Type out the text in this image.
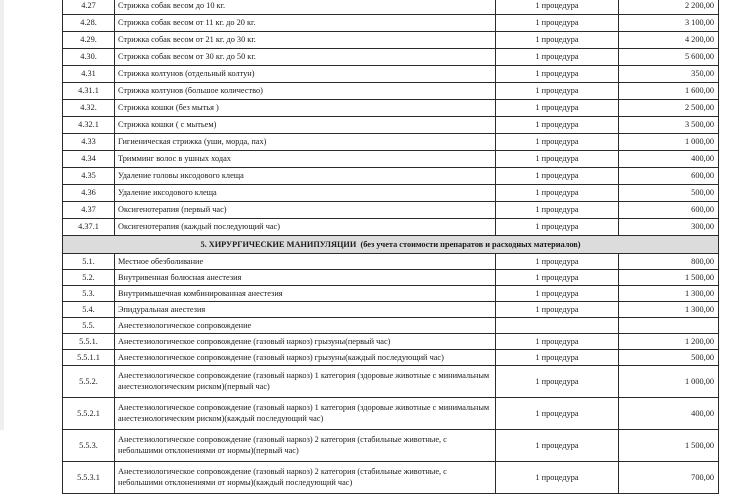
4.27	Стрижка собак весом до 10 кг.	1 процедура	2 200,00
4.28.	Стрижка собак весом от 11 кг. до 20 кг.	1 процедура	3 100,00
4.29.	Стрижка собак весом от 21 кг. до 30 кг.	1 процедура	4 200,00
4.30.	Стрижка собак весом от 30 кг. до 50 кг.	1 процедура	5 600,00
4.31	Стрижка колтунов (отдельный колтун)	1 процедура	350,00
4.31.1	Стрижка колтунов (большое количество)	1 процедура	1 600,00
4.32.	Стрижка кошки (без мытья )	1 процедура	2 500,00
4.32.1	Стрижка кошки ( с мытьем)	1 процедура	3 500,00
4.33	Гигиеническая стрижка (уши, морда, пах)	1 процедура	1 000,00
4.34	Тримминг волос в ушных ходах	1 процедура	400,00
4.35	Удаление головы иксодового клеща	1 процедура	600,00
4.36	Удаление иксодового клеща	1 процедура	500,00
4.37	Оксигенотерапия (первый час)	1 процедура	600,00
4.37.1	Оксигенотерапия (каждый последующий час)	1 процедура	300,00
5. ХИРУРГИЧЕСКИЕ МАНИПУЛЯЦИИ (без учета стоимости препаратов и расходных материалов)			
5.1.	Местное обезболивание	1 процедура	800,00
5.2.	Внутривенная болюсная анестезия	1 процедура	1 500,00
5.3.	Внутримышечная комбинированная анестезия	1 процедура	1 300,00
5.4.	Эпидуральная анестезия	1 процедура	1 300,00
5.5.	Анестезиологическое сопровождение		
5.5.1.	Анестезиологическое сопровождение (газовый наркоз) грызуны(первый час)	1 процедура	1 200,00
5.5.1.1	Анестезиологическое сопровождение (газовый наркоз) грызуны(каждый последующий час)	1 процедура	500,00
5.5.2.	Анестезиологическое сопровождение (газовый наркоз) 1 категория (здоровые животные с минимальным анестезиологическим риском)(первый час)	1 процедура	1 000,00
5.5.2.1	Анестезиологическое сопровождение (газовый наркоз) 1 категория (здоровые животные с минимальным анестезиологическим риском)(каждый последующий час)	1 процедура	400,00
5.5.3.	Анестезиологическое сопровождение (газовый наркоз) 2 категория (стабильные животные, с небольшими отклонениями от нормы)(первый час)	1 процедура	1 500,00
5.5.3.1	Анестезиологическое сопровождение (газовый наркоз) 2 категория (стабильные животные, с небольшими отклонениями от нормы)(каждый последующий час)	1 процедура	700,00
